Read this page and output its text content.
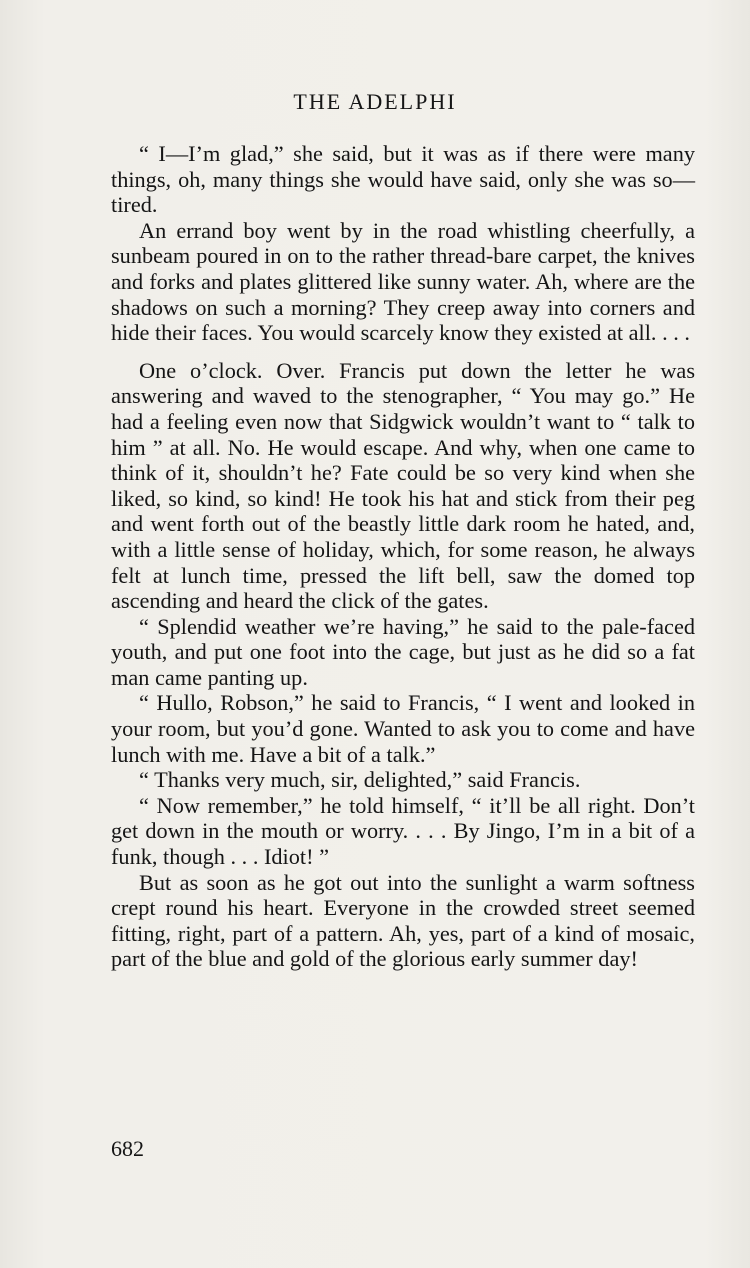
THE ADELPHI

“ I—I’m glad,” she said, but it was as if there were many things, oh, many things she would have said, only she was so—tired.

An errand boy went by in the road whistling cheerfully, a sunbeam poured in on to the rather thread-bare carpet, the knives and forks and plates glittered like sunny water. Ah, where are the shadows on such a morning? They creep away into corners and hide their faces. You would scarcely know they existed at all. . . .

One o’clock. Over. Francis put down the letter he was answering and waved to the stenographer, “ You may go.” He had a feeling even now that Sidgwick wouldn’t want to “ talk to him ” at all. No. He would escape. And why, when one came to think of it, shouldn’t he? Fate could be so very kind when she liked, so kind, so kind! He took his hat and stick from their peg and went forth out of the beastly little dark room he hated, and, with a little sense of holiday, which, for some reason, he always felt at lunch time, pressed the lift bell, saw the domed top ascending and heard the click of the gates.

“ Splendid weather we’re having,” he said to the pale-faced youth, and put one foot into the cage, but just as he did so a fat man came panting up.

“ Hullo, Robson,” he said to Francis, “ I went and looked in your room, but you’d gone. Wanted to ask you to come and have lunch with me. Have a bit of a talk.”

“ Thanks very much, sir, delighted,” said Francis.

“ Now remember,” he told himself, “ it’ll be all right. Don’t get down in the mouth or worry. . . . By Jingo, I’m in a bit of a funk, though . . . Idiot! ”

But as soon as he got out into the sunlight a warm softness crept round his heart. Everyone in the crowded street seemed fitting, right, part of a pattern. Ah, yes, part of a kind of mosaic, part of the blue and gold of the glorious early summer day!

682
